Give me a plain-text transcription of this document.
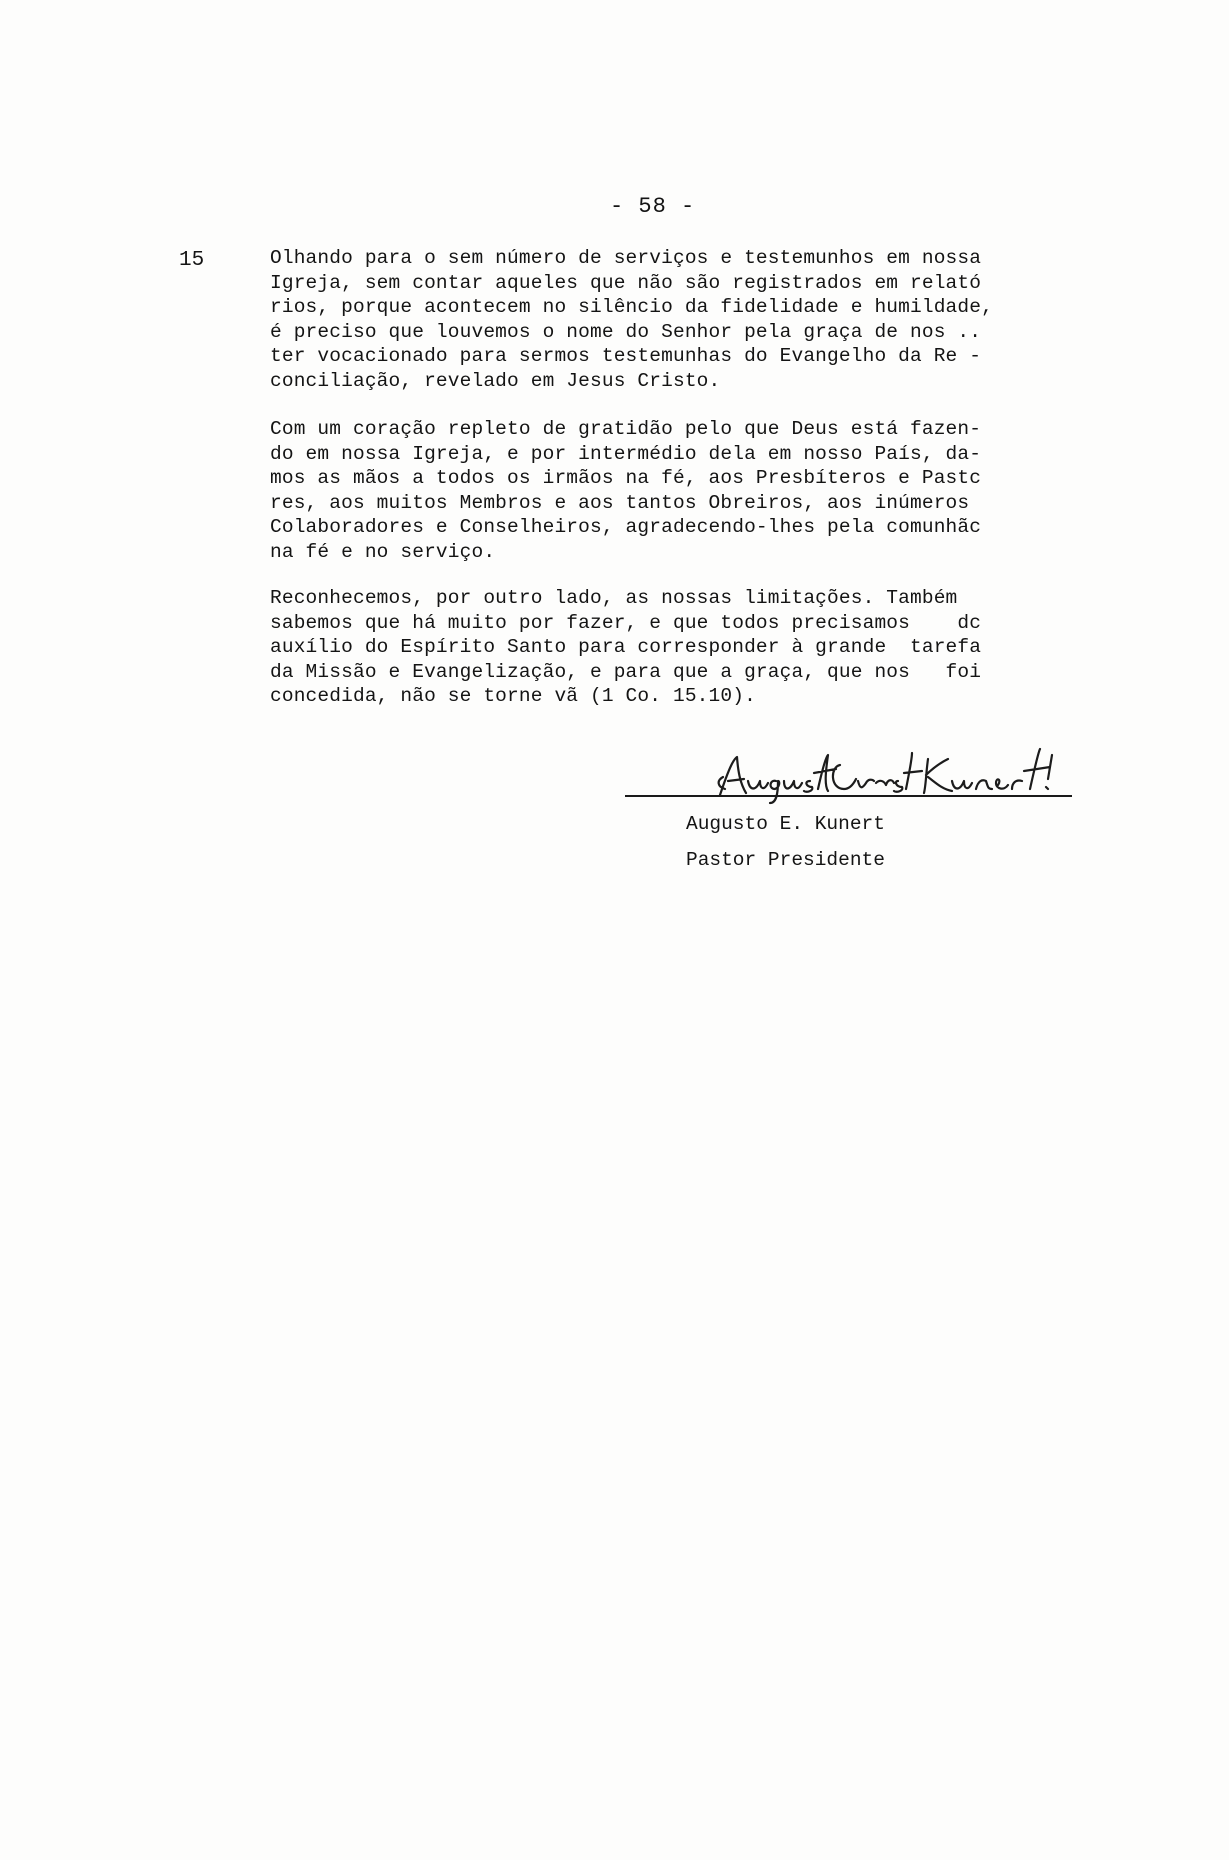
- 58 -
15	Olhando para o sem número de serviços e testemunhos em nossa
Igreja, sem contar aqueles que não são registrados em relató
rios, porque acontecem no silêncio da fidelidade e humildade,
é preciso que louvemos o nome do Senhor pela graça de nos ..
ter vocacionado para sermos testemunhas do Evangelho da Re -
conciliação, revelado em Jesus Cristo.

Com um coração repleto de gratidão pelo que Deus está fazen-
do em nossa Igreja, e por intermédio dela em nosso País, da-
mos as mãos a todos os irmãos na fé, aos Presbíteros e Pastc
res, aos muitos Membros e aos tantos Obreiros, aos inúmeros
Colaboradores e Conselheiros, agradecendo-lhes pela comunhãc
na fé e no serviço.

Reconhecemos, por outro lado, as nossas limitações. Também
sabemos que há muito por fazer, e que todos precisamos    dc
auxílio do Espírito Santo para corresponder à grande  tarefa
da Missão e Evangelização, e para que a graça, que nos   foi
concedida, não se torne vã (1 Co. 15.10).

Augusto E. Kunert
Pastor Presidente
